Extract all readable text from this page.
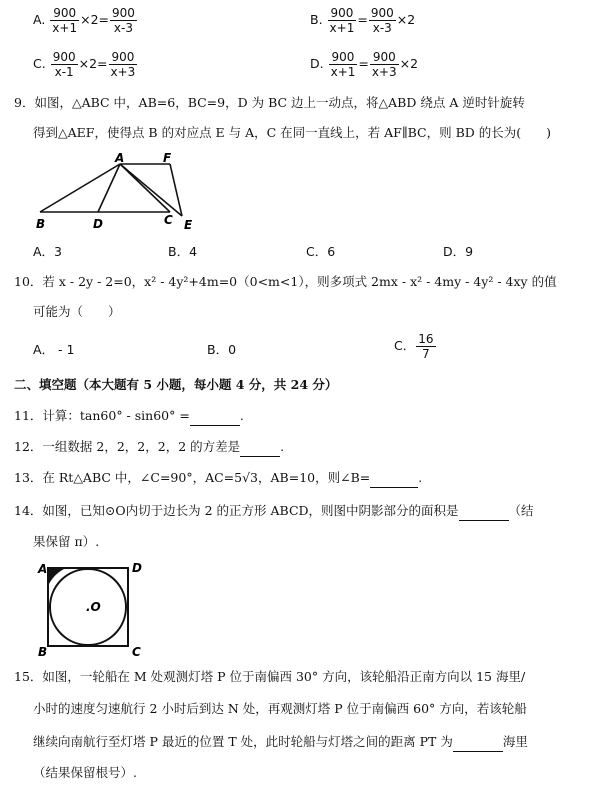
A. $\frac{900}{x+1} \times 2= \frac{900}{x-3}$	B. $\frac{900}{x+1} = \frac{900}{x-3} \times 2$
C. $\frac{900}{x-1} \times 2= \frac{900}{x+3}$	D. $\frac{900}{x+1} = \frac{900}{x+3} \times 2$
9．如图，△ABC 中，AB=6，BC=9，D 为 BC 边上一动点，将△ABD 绕点 A 逆时针旋转
得到△AEF，使得点 B 的对应点 E 与 A，C 在同一直线上，若 AF∥BC，则 BD 的长为(　　)
A	F
B	D	C E
A．3	B．4	C．6	D．9
10．若 x - 2y - 2=0，x² - 4y²+4m=0（0<m<1），则多项式 2mx - x² - 4my - 4y² - 4xy 的值
可能为（　　）
A． - 1	B．0	C． $\frac{16}{7}$
二、填空题（本大题有 5 小题，每小题 4 分，共 24 分）
11．计算：tan60° - sin60° =	.
12．一组数据 2，2，2，2，2 的方差是	.
13．在 Rt△ABC 中，∠C=90°，AC=5√3，AB=10，则∠B=	.
14．如图，已知⊙O内切于边长为 2 的正方形 ABCD，则图中阴影部分的面积是	（结
果保留 π）.
A	D
B	C
.O
15．如图，一轮船在 M 处观测灯塔 P 位于南偏西 30° 方向，该轮船沿正南方向以 15 海里/
小时的速度匀速航行 2 小时后到达 N 处，再观测灯塔 P 位于南偏西 60° 方向，若该轮船
继续向南航行至灯塔 P 最近的位置 T 处，此时轮船与灯塔之间的距离 PT 为	海里
（结果保留根号）.
